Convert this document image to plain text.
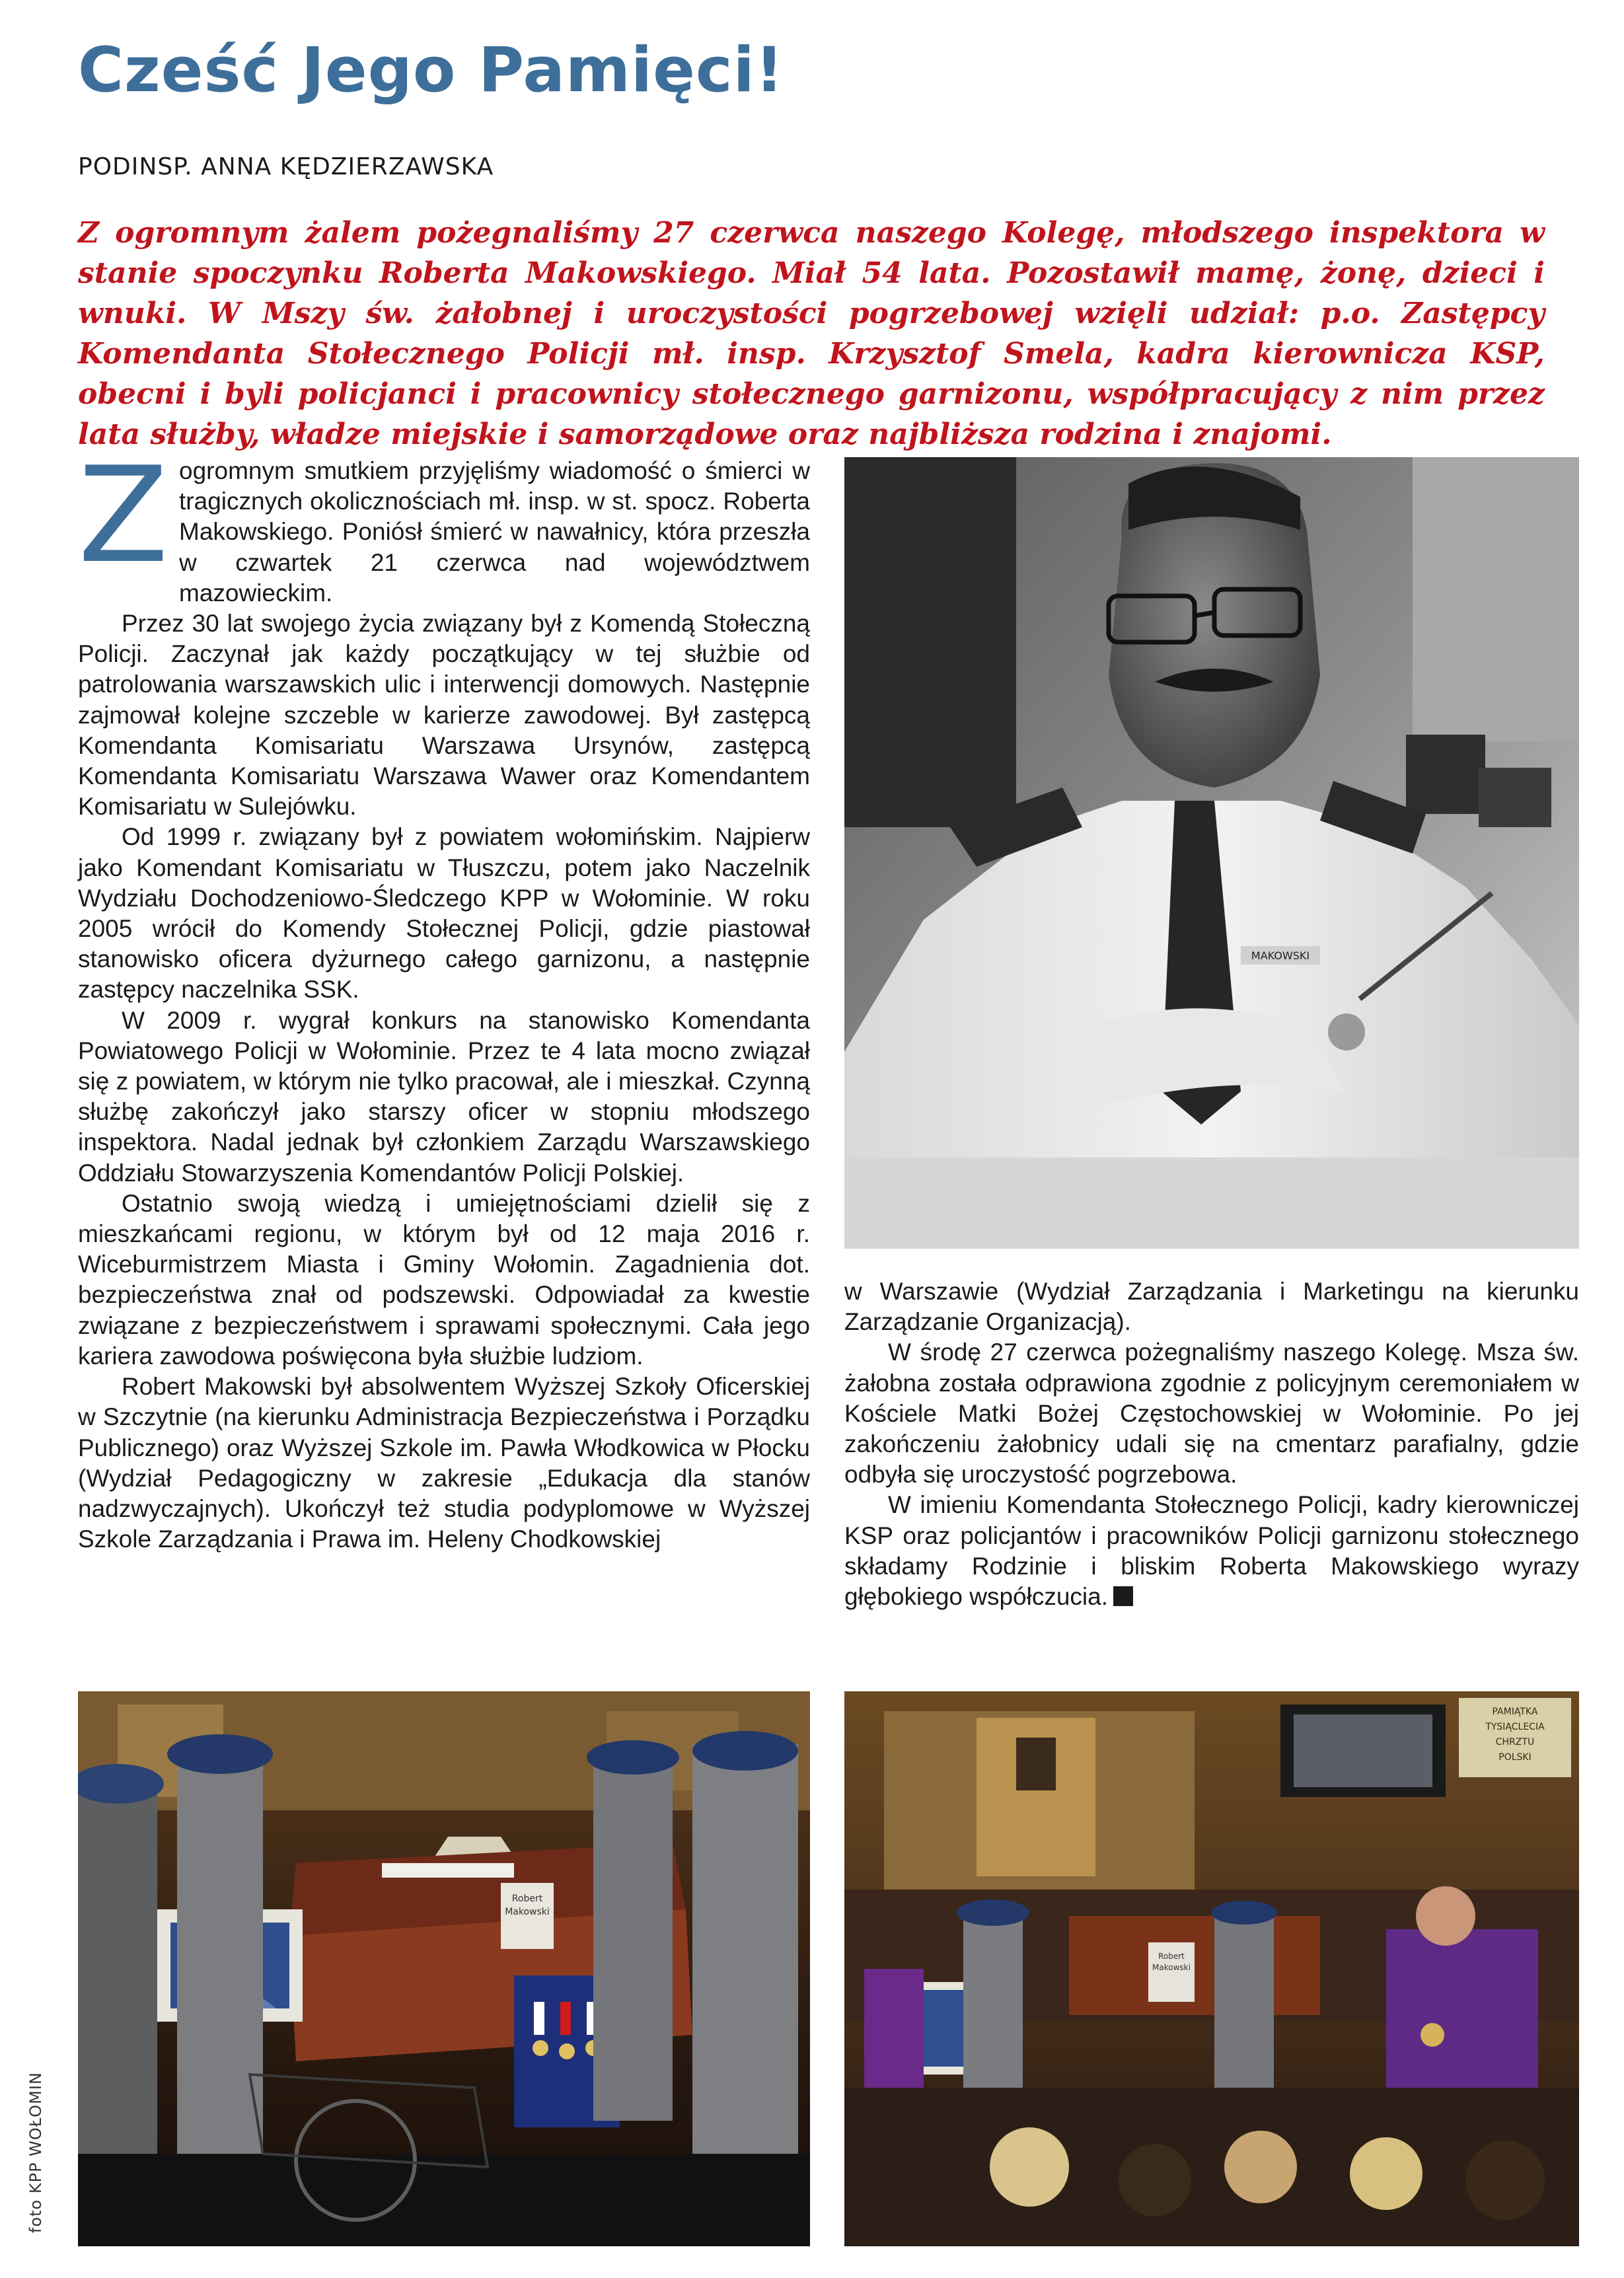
Cześć Jego Pamięci!
PODINSP. ANNA KĘDZIERZAWSKA
Z ogromnym żalem pożegnaliśmy 27 czerwca naszego Kolegę, młodszego inspektora w stanie spoczynku Roberta Makowskiego. Miał 54 lata. Pozostawił mamę, żonę, dzieci i wnuki. W Mszy św. żałobnej i uroczystości pogrzebowej wzięli udział: p.o. Zastępcy Komendanta Stołecznego Policji mł. insp. Krzysztof Smela, kadra kierownicza KSP, obecni i byli policjanci i pracownicy stołecznego garnizonu, współpracujący z nim przez lata służby, władze miejskie i samorządowe oraz najbliższa rodzina i znajomi.

Zogromnym smutkiem przyjęliśmy wiadomość o śmierci w tragicznych okolicznościach mł. insp. w st. spocz. Roberta Makowskiego. Poniósł śmierć w nawałnicy, która przeszła w czwartek 21 czerwca nad województwem mazowieckim.

Przez 30 lat swojego życia związany był z Komendą Stołeczną Policji. Zaczynał jak każdy początkujący w tej służbie od patrolowania warszawskich ulic i interwencji domowych. Następnie zajmował kolejne szczeble w karierze zawodowej. Był zastępcą Komendanta Komisariatu Warszawa Ursynów, zastępcą Komendanta Komisariatu Warszawa Wawer oraz Komendantem Komisariatu w Sulejówku.

Od 1999 r. związany był z powiatem wołomińskim. Najpierw jako Komendant Komisariatu w Tłuszczu, potem jako Naczelnik Wydziału Dochodzeniowo-Śledczego KPP w Wołominie. W roku 2005 wrócił do Komendy Stołecznej Policji, gdzie piastował stanowisko oficera dyżurnego całego garnizonu, a następnie zastępcy naczelnika SSK.

W 2009 r. wygrał konkurs na stanowisko Komendanta Powiatowego Policji w Wołominie. Przez te 4 lata mocno związał się z powiatem, w którym nie tylko pracował, ale i mieszkał. Czynną służbę zakończył jako starszy oficer w stopniu młodszego inspektora. Nadal jednak był członkiem Zarządu Warszawskiego Oddziału Stowarzyszenia Komendantów Policji Polskiej.

Ostatnio swoją wiedzą i umiejętnościami dzielił się z mieszkańcami regionu, w którym był od 12 maja 2016 r. Wiceburmistrzem Miasta i Gminy Wołomin. Zagadnienia dot. bezpieczeństwa znał od podszewski. Odpowiadał za kwestie związane z bezpieczeństwem i sprawami społecznymi. Cała jego kariera zawodowa poświęcona była służbie ludziom.

Robert Makowski był absolwentem Wyższej Szkoły Oficerskiej w Szczytnie (na kierunku Administracja Bezpieczeństwa i Porządku Publicznego) oraz Wyższej Szkole im. Pawła Włodkowica w Płocku (Wydział Pedagogiczny w zakresie „Edukacja dla stanów nadzwyczajnych). Ukończył też studia podyplomowe w Wyższej Szkole Zarządzania i Prawa im. Heleny Chodkowskiej

MAKOWSKI

w Warszawie (Wydział Zarządzania i Marketingu na kierunku Zarządzanie Organizacją).

W środę 27 czerwca pożegnaliśmy naszego Kolegę. Msza św. żałobna została odprawiona zgodnie z policyjnym ceremoniałem w Kościele Matki Bożej Częstochowskiej w Wołominie. Po jej zakończeniu żałobnicy udali się na cmentarz parafialny, gdzie odbyła się uroczystość pogrzebowa.

W imieniu Komendanta Stołecznego Policji, kadry kierowniczej KSP oraz policjantów i pracowników Policji garnizonu stołecznego składamy Rodzinie i bliskim Roberta Makowskiego wyrazy głębokiego współczucia.

Robert
Makowski
PAMIĄTKA
TYSIĄCLECIA
CHRZTU
POLSKI
Robert
Makowski
foto KPP WOŁOMIN
